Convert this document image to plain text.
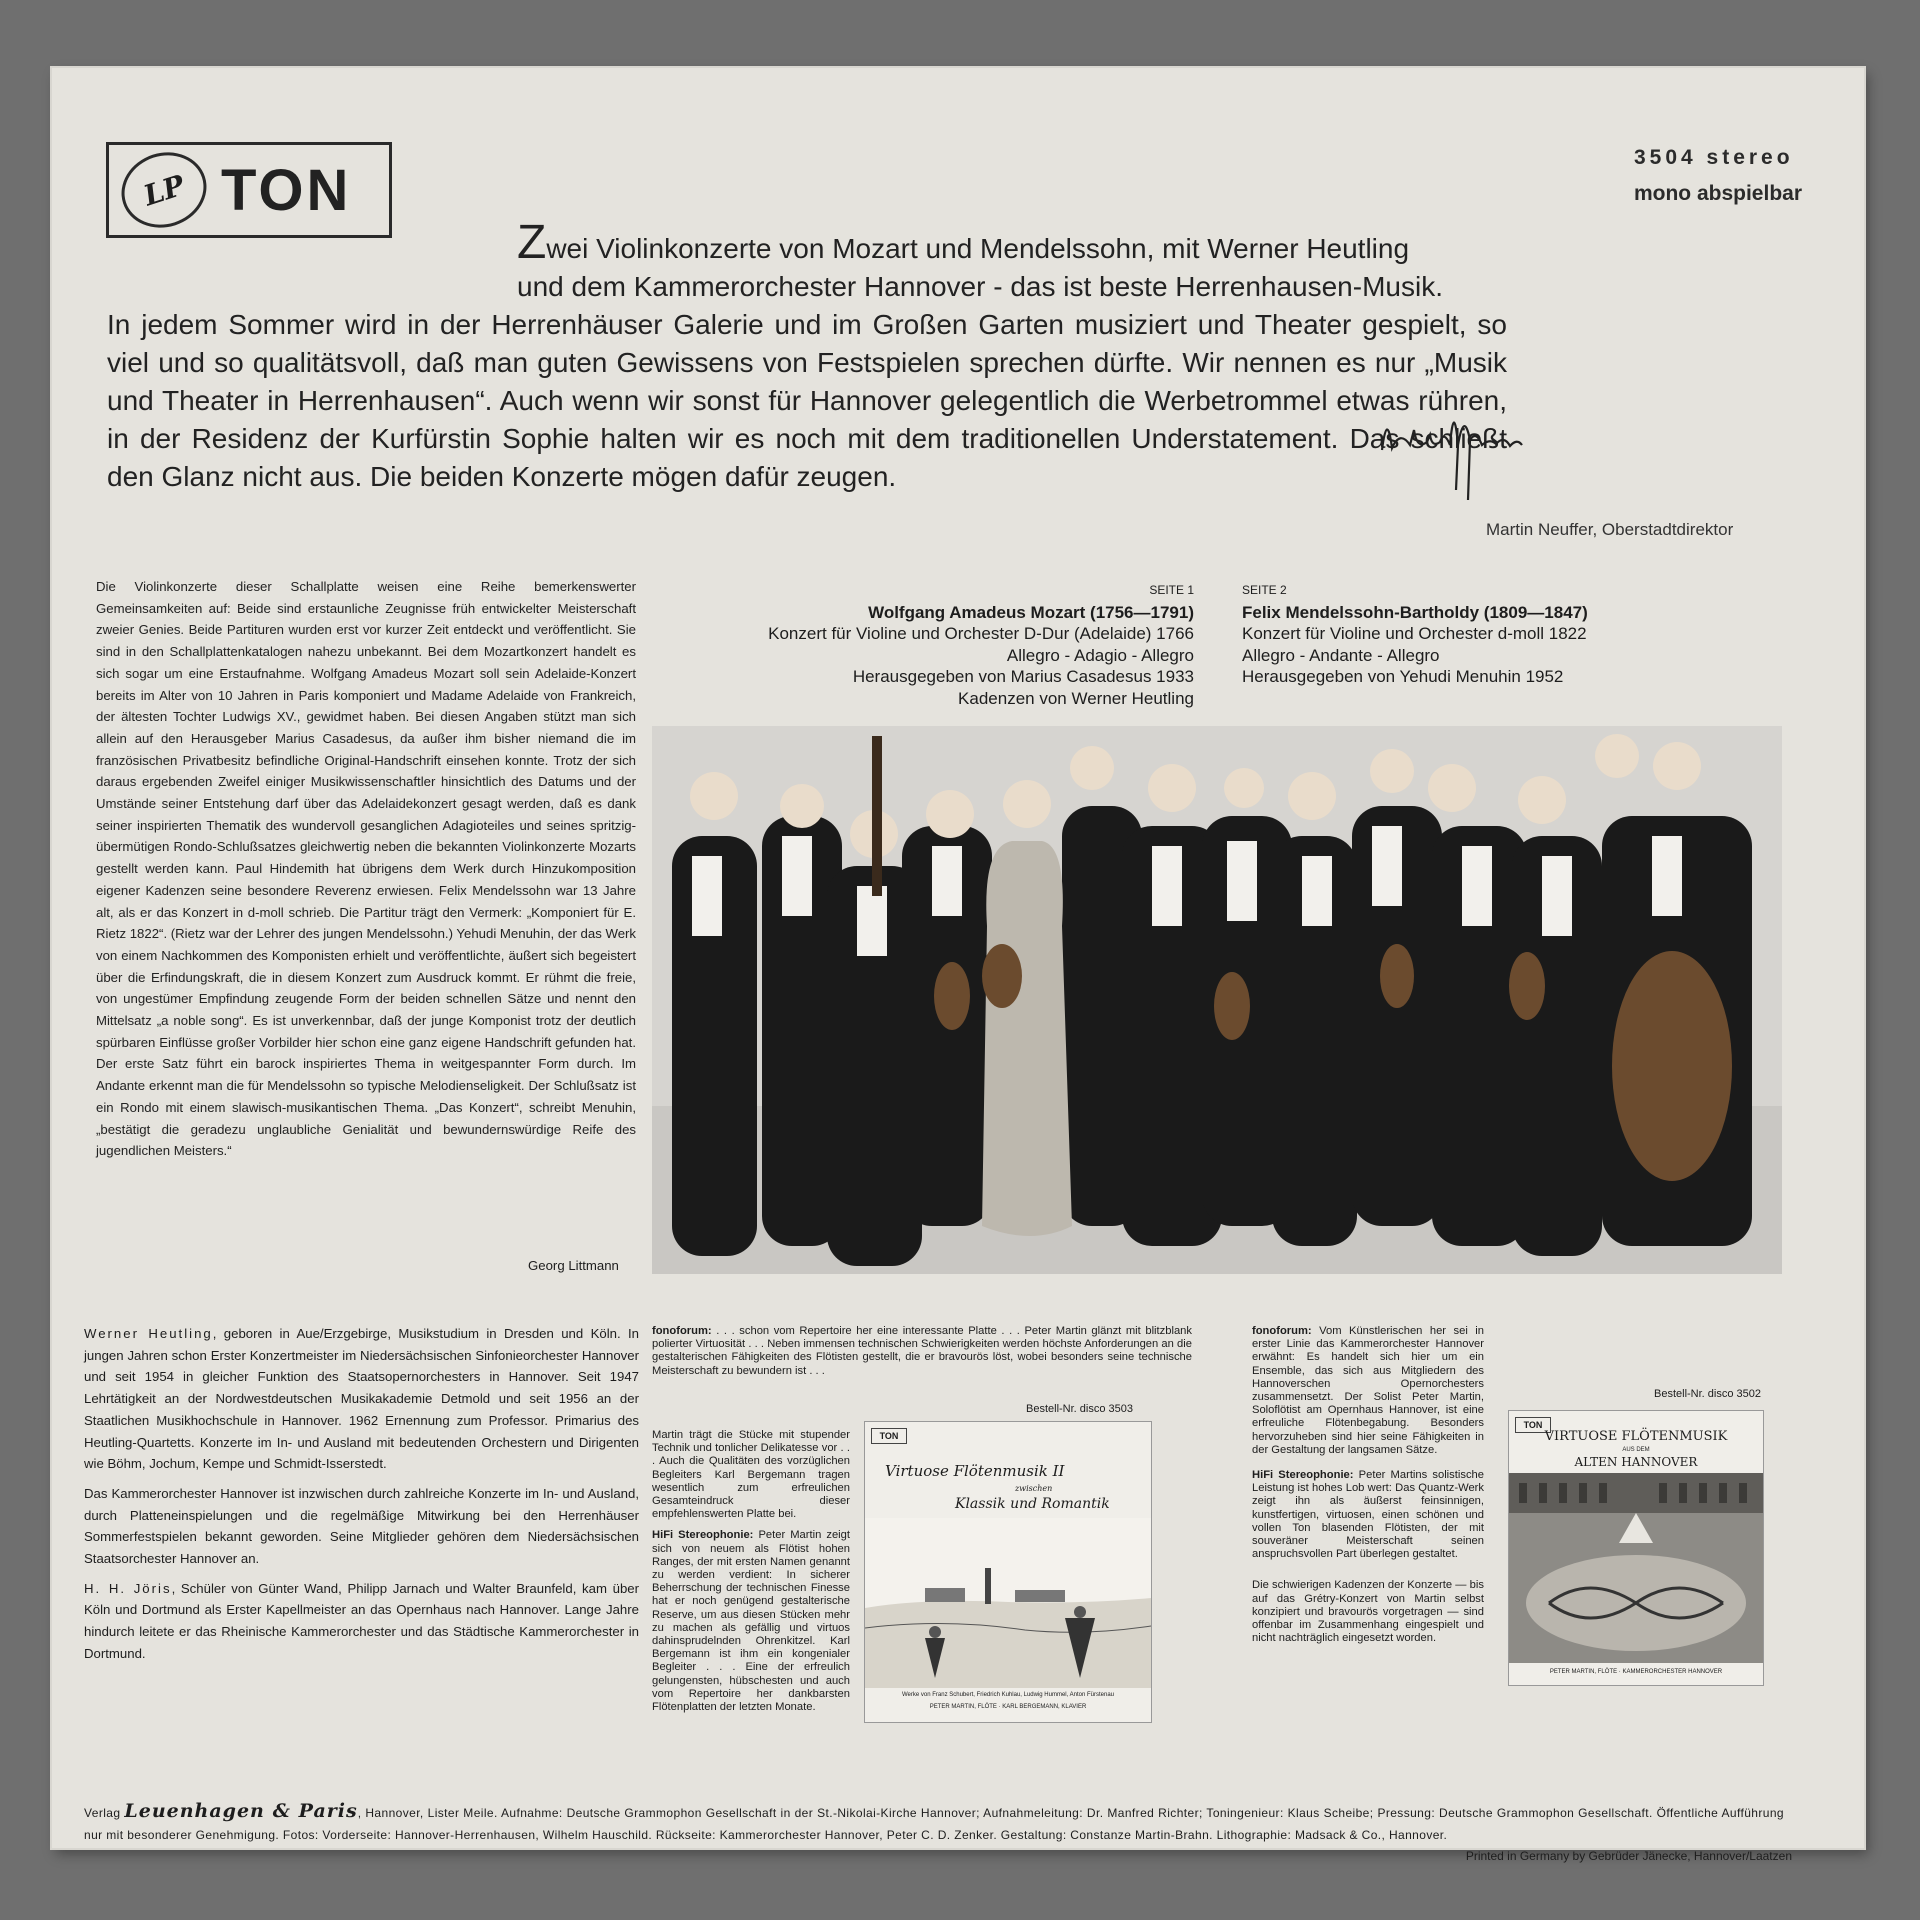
LP TON	3504 stereo
mono abspielbar
Zwei Violinkonzerte von Mozart und Mendelssohn, mit Werner Heutling
und dem Kammerorchester Hannover - das ist beste Herrenhausen-Musik.
In jedem Sommer wird in der Herrenhäuser Galerie und im Großen Garten musiziert und Theater gespielt, so viel und so qualitätsvoll, daß man guten Gewissens von Festspielen sprechen dürfte. Wir nennen es nur „Musik und Theater in Herrenhausen“. Auch wenn wir sonst für Hannover gelegentlich die Werbetrommel etwas rühren, in der Residenz der Kurfürstin Sophie halten wir es noch mit dem traditionellen Understatement. Das schließt den Glanz nicht aus. Die beiden Konzerte mögen dafür zeugen.
Martin Neuffer, Oberstadtdirektor

Die Violinkonzerte dieser Schallplatte weisen eine Reihe bemerkenswerter Gemeinsamkeiten auf: Beide sind erstaunliche Zeugnisse früh entwickelter Meisterschaft zweier Genies. Beide Partituren wurden erst vor kurzer Zeit entdeckt und veröffentlicht. Sie sind in den Schallplattenkatalogen nahezu unbekannt. Bei dem Mozartkonzert handelt es sich sogar um eine Erstaufnahme. Wolfgang Amadeus Mozart soll sein Adelaide-Konzert bereits im Alter von 10 Jahren in Paris komponiert und Madame Adelaide von Frankreich, der ältesten Tochter Ludwigs XV., gewidmet haben. Bei diesen Angaben stützt man sich allein auf den Herausgeber Marius Casadesus, da außer ihm bisher niemand die im französischen Privatbesitz befindliche Original-Handschrift einsehen konnte. Trotz der sich daraus ergebenden Zweifel einiger Musikwissenschaftler hinsichtlich des Datums und der Umstände seiner Entstehung darf über das Adelaidekonzert gesagt werden, daß es dank seiner inspirierten Thematik des wundervoll gesanglichen Adagioteiles und seines spritzig-übermütigen Rondo-Schlußsatzes gleichwertig neben die bekannten Violinkonzerte Mozarts gestellt werden kann. Paul Hindemith hat übrigens dem Werk durch Hinzukomposition eigener Kadenzen seine besondere Reverenz erwiesen. Felix Mendelssohn war 13 Jahre alt, als er das Konzert in d-moll schrieb. Die Partitur trägt den Vermerk: „Komponiert für E. Rietz 1822“. (Rietz war der Lehrer des jungen Mendelssohn.) Yehudi Menuhin, der das Werk von einem Nachkommen des Komponisten erhielt und veröffentlichte, äußert sich begeistert über die Erfindungskraft, die in diesem Konzert zum Ausdruck kommt. Er rühmt die freie, von ungestümer Empfindung zeugende Form der beiden schnellen Sätze und nennt den Mittelsatz „a noble song“. Es ist unverkennbar, daß der junge Komponist trotz der deutlich spürbaren Einflüsse großer Vorbilder hier schon eine ganz eigene Handschrift gefunden hat. Der erste Satz führt ein barock inspiriertes Thema in weitgespannter Form durch. Im Andante erkennt man die für Mendelssohn so typische Melodienseligkeit. Der Schlußsatz ist ein Rondo mit einem slawisch-musikantischen Thema. „Das Konzert“, schreibt Menuhin, „bestätigt die geradezu unglaubliche Genialität und bewundernswürdige Reife des jugendlichen Meisters.“

Georg Littmann
SEITE 1
Wolfgang Amadeus Mozart (1756—1791)
Konzert für Violine und Orchester D-Dur (Adelaide) 1766
Allegro - Adagio - Allegro
Herausgegeben von Marius Casadesus 1933
Kadenzen von Werner Heutling
SEITE 2
Felix Mendelssohn-Bartholdy (1809—1847)
Konzert für Violine und Orchester d-moll 1822
Allegro - Andante - Allegro
Herausgegeben von Yehudi Menuhin 1952

Werner Heutling, geboren in Aue/Erzgebirge, Musikstudium in Dresden und Köln. In jungen Jahren schon Erster Konzertmeister im Niedersächsischen Sinfonieorchester Hannover und seit 1954 in gleicher Funktion des Staatsopernorchesters in Hannover. Seit 1947 Lehrtätigkeit an der Nordwestdeutschen Musikakademie Detmold und seit 1956 an der Staatlichen Musikhochschule in Hannover. 1962 Ernennung zum Professor. Primarius des Heutling-Quartetts. Konzerte im In- und Ausland mit bedeutenden Orchestern und Dirigenten wie Böhm, Jochum, Kempe und Schmidt-Isserstedt.

Das Kammerorchester Hannover ist inzwischen durch zahlreiche Konzerte im In- und Ausland, durch Platteneinspielungen und die regelmäßige Mitwirkung bei den Herrenhäuser Sommerfestspielen bekannt geworden. Seine Mitglieder gehören dem Niedersächsischen Staatsorchester Hannover an.

H. H. Jöris, Schüler von Günter Wand, Philipp Jarnach und Walter Braunfeld, kam über Köln und Dortmund als Erster Kapellmeister an das Opernhaus nach Hannover. Lange Jahre hindurch leitete er das Rheinische Kammerorchester und das Städtische Kammerorchester in Dortmund.

fonoforum: . . . schon vom Repertoire her eine interessante Platte . . . Peter Martin glänzt mit blitzblank polierter Virtuosität . . . Neben immensen technischen Schwierigkeiten werden höchste Anforderungen an die gestalterischen Fähigkeiten des Flötisten gestellt, die er bravourös löst, wobei besonders seine technische Meisterschaft zu bewundern ist . . .
Bestell-Nr. disco 3503
Martin trägt die Stücke mit stupender Technik und tonlicher Delikatesse vor . . . Auch die Qualitäten des vorzüglichen Begleiters Karl Bergemann tragen wesentlich zum erfreulichen Gesamteindruck dieser empfehlenswerten Platte bei.
HiFi Stereophonie: Peter Martin zeigt sich von neuem als Flötist hohen Ranges, der mit ersten Namen genannt zu werden verdient: In sicherer Beherrschung der technischen Finesse hat er noch genügend gestalterische Reserve, um aus diesen Stücken mehr zu machen als gefällig und virtuos dahinsprudelnden Ohrenkitzel. Karl Bergemann ist ihm ein kongenialer Begleiter . . . Eine der erfreulich gelungensten, hübschesten und auch vom Repertoire her dankbarsten Flötenplatten der letzten Monate.
TON
Virtuose Flötenmusik II
zwischen
Klassik und Romantik
Werke von Franz Schubert, Friedrich Kuhlau, Ludwig Hummel, Anton Fürstenau
PETER MARTIN, FLÖTE · KARL BERGEMANN, KLAVIER
fonoforum: Vom Künstlerischen her sei in erster Linie das Kammerorchester Hannover erwähnt: Es handelt sich hier um ein Ensemble, das sich aus Mitgliedern des Hannoverschen Opernorchesters zusammensetzt. Der Solist Peter Martin, Soloflötist am Opernhaus Hannover, ist eine erfreuliche Flötenbegabung. Besonders hervorzuheben sind hier seine Fähigkeiten in der Gestaltung der langsamen Sätze.
HiFi Stereophonie: Peter Martins solistische Leistung ist hohes Lob wert: Das Quantz-Werk zeigt ihn als äußerst feinsinnigen, kunstfertigen, virtuosen, einen schönen und vollen Ton blasenden Flötisten, der mit souveräner Meisterschaft seinen anspruchsvollen Part überlegen gestaltet.
Die schwierigen Kadenzen der Konzerte — bis auf das Grétry-Konzert von Martin selbst konzipiert und bravourös vorgetragen — sind offenbar im Zusammenhang eingespielt und nicht nachträglich eingesetzt worden.
Bestell-Nr. disco 3502
TON
VIRTUOSE FLÖTENMUSIK
AUS DEM
ALTEN HANNOVER
PETER MARTIN, FLÖTE · KAMMERORCHESTER HANNOVER
Verlag Leuenhagen & Paris, Hannover, Lister Meile. Aufnahme: Deutsche Grammophon Gesellschaft in der St.-Nikolai-Kirche Hannover; Aufnahmeleitung: Dr. Manfred Richter; Toningenieur: Klaus Scheibe; Pressung: Deutsche Grammophon Gesellschaft. Öffentliche Aufführung nur mit besonderer Genehmigung. Fotos: Vorderseite: Hannover-Herrenhausen, Wilhelm Hauschild. Rückseite: Kammerorchester Hannover, Peter C. D. Zenker. Gestaltung: Constanze Martin-Brahn. Lithographie: Madsack & Co., Hannover.
Printed in Germany by Gebrüder Jänecke, Hannover/Laatzen
